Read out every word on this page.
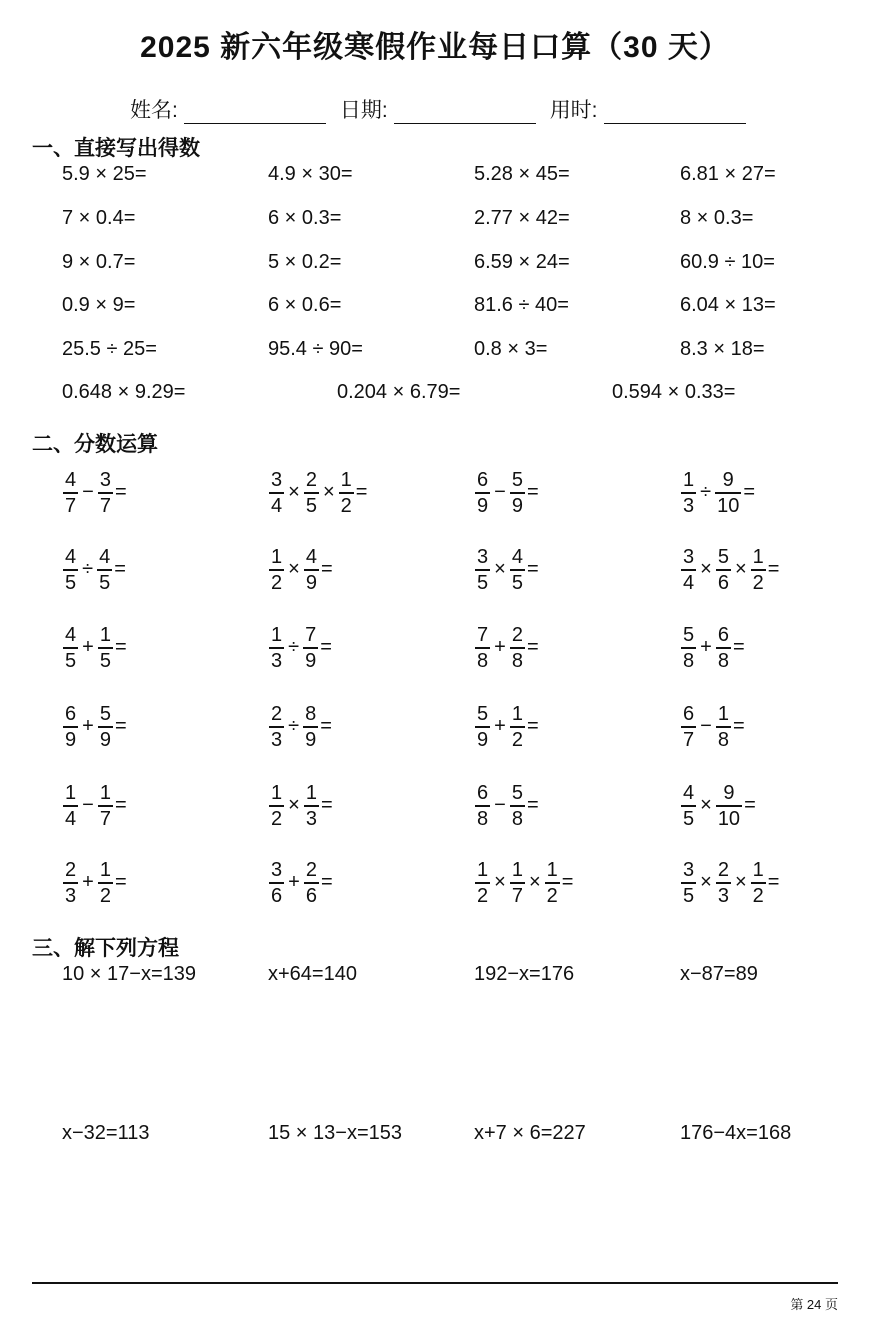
2025 新六年级寒假作业每日口算（30 天）
姓名:	日期:	用时:
一、直接写出得数
二、分数运算
三、解下列方程
5.9 × 25=	4.9 × 30=	5.28 × 45=	6.81 × 27=
7 × 0.4=	6 × 0.3=	2.77 × 42=	8 × 0.3=
9 × 0.7=	5 × 0.2=	6.59 × 24=	60.9 ÷ 10=
0.9 × 9=	6 × 0.6=	81.6 ÷ 40=	6.04 × 13=
25.5 ÷ 25=	95.4 ÷ 90=	0.8 × 3=	8.3 × 18=
0.648 × 9.29=	0.204 × 6.79=	0.594 × 0.33=
$\frac{4}{7} - \frac{3}{7}$ =	$\frac{3}{4} \times \frac{2}{5} \times \frac{1}{2}$ =	$\frac{6}{9} - \frac{5}{9}$ =	$\frac{1}{3} \div \frac{9}{10}$ =
$\frac{4}{5} \div \frac{4}{5}$ =	$\frac{1}{2} \times \frac{4}{9}$ =	$\frac{3}{5} \times \frac{4}{5}$ =	$\frac{3}{4} \times \frac{5}{6} \times \frac{1}{2}$ =
$\frac{4}{5} + \frac{1}{5}$ =	$\frac{1}{3} \div \frac{7}{9}$ =	$\frac{7}{8} + \frac{2}{8}$ =	$\frac{5}{8} + \frac{6}{8}$ =
$\frac{6}{9} + \frac{5}{9}$ =	$\frac{2}{3} \div \frac{8}{9}$ =	$\frac{5}{9} + \frac{1}{2}$ =	$\frac{6}{7} - \frac{1}{8}$ =
$\frac{1}{4} - \frac{1}{7}$ =	$\frac{1}{2} \times \frac{1}{3}$ =	$\frac{6}{8} - \frac{5}{8}$ =	$\frac{4}{5} \times \frac{9}{10}$ =
$\frac{2}{3} + \frac{1}{2}$ =	$\frac{3}{6} + \frac{2}{6}$ =	$\frac{1}{2} \times \frac{1}{7} \times \frac{1}{2}$ =	$\frac{3}{5} \times \frac{2}{3} \times \frac{1}{2}$ =
10 × 17−x=139	x+64=140	192−x=176	x−87=89
x−32=113	15 × 13−x=153	x+7 × 6=227	176−4x=168
第 24 页
